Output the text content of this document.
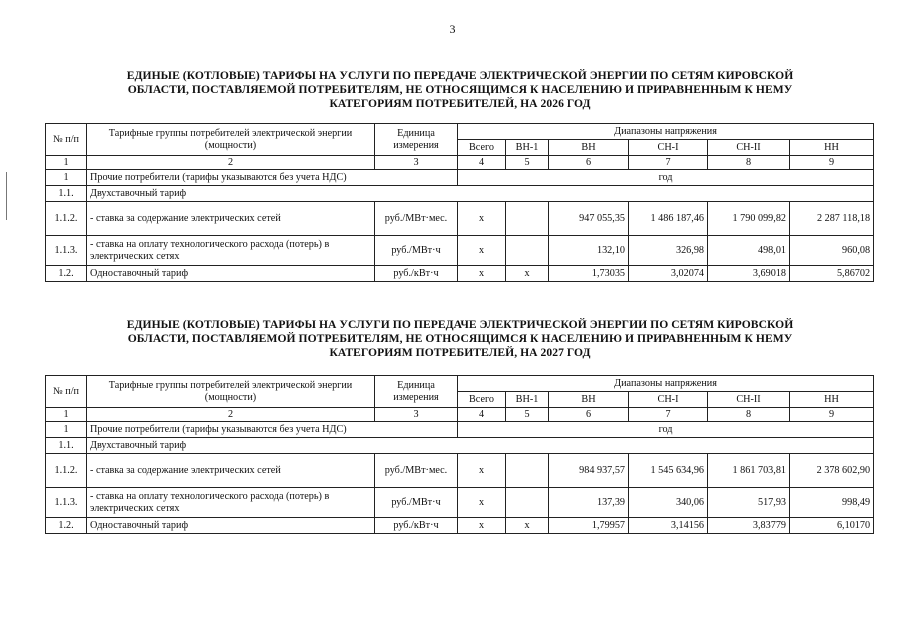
3
ЕДИНЫЕ (КОТЛОВЫЕ) ТАРИФЫ НА УСЛУГИ ПО ПЕРЕДАЧЕ ЭЛЕКТРИЧЕСКОЙ ЭНЕРГИИ ПО СЕТЯМ КИРОВСКОЙ
ОБЛАСТИ, ПОСТАВЛЯЕМОЙ ПОТРЕБИТЕЛЯМ, НЕ ОТНОСЯЩИМСЯ К НАСЕЛЕНИЮ И ПРИРАВНЕННЫМ К НЕМУ
КАТЕГОРИЯМ ПОТРЕБИТЕЛЕЙ, НА 2026 ГОД
№ п/п	Тарифные группы потребителей электрической энергии (мощности)	Единица измерения	Диапазоны напряжения					
			Всего	ВН-1	ВН	СН-I	СН-II	НН
1	2	3	4	5	6	7	8	9
1	Прочие потребители (тарифы указываются без учета НДС)		год					
1.1.	Двухставочный тариф							
1.1.2.	- ставка за содержание электрических сетей	руб./МВт·мес.	х		947 055,35	1 486 187,46	1 790 099,82	2 287 118,18
1.1.3.	- ставка на оплату технологического расхода (потерь) в электрических сетях	руб./МВт·ч	х		132,10	326,98	498,01	960,08
1.2.	Одноставочный тариф	руб./кВт·ч	х	х	1,73035	3,02074	3,69018	5,86702
ЕДИНЫЕ (КОТЛОВЫЕ) ТАРИФЫ НА УСЛУГИ ПО ПЕРЕДАЧЕ ЭЛЕКТРИЧЕСКОЙ ЭНЕРГИИ ПО СЕТЯМ КИРОВСКОЙ
ОБЛАСТИ, ПОСТАВЛЯЕМОЙ ПОТРЕБИТЕЛЯМ, НЕ ОТНОСЯЩИМСЯ К НАСЕЛЕНИЮ И ПРИРАВНЕННЫМ К НЕМУ
КАТЕГОРИЯМ ПОТРЕБИТЕЛЕЙ, НА 2027 ГОД
№ п/п	Тарифные группы потребителей электрической энергии (мощности)	Единица измерения	Диапазоны напряжения					
			Всего	ВН-1	ВН	СН-I	СН-II	НН
1	2	3	4	5	6	7	8	9
1	Прочие потребители (тарифы указываются без учета НДС)		год					
1.1.	Двухставочный тариф							
1.1.2.	- ставка за содержание электрических сетей	руб./МВт·мес.	х		984 937,57	1 545 634,96	1 861 703,81	2 378 602,90
1.1.3.	- ставка на оплату технологического расхода (потерь) в электрических сетях	руб./МВт·ч	х		137,39	340,06	517,93	998,49
1.2.	Одноставочный тариф	руб./кВт·ч	х	х	1,79957	3,14156	3,83779	6,10170
